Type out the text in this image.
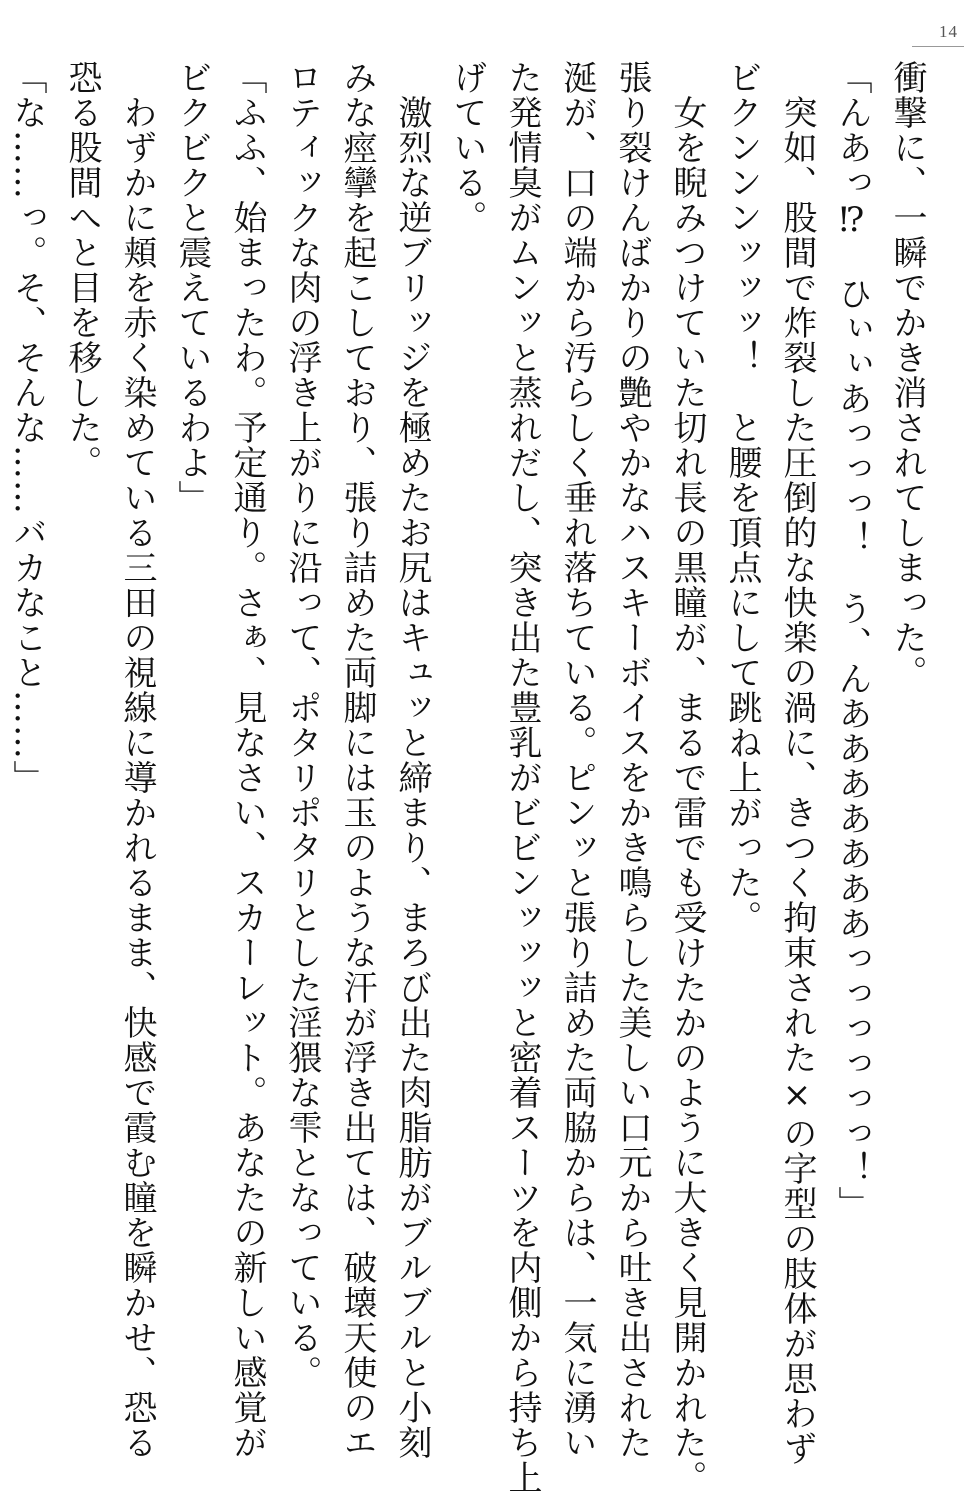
14

衝撃に、一瞬でかき消されてしまった。

「んあっ⁉　ひぃぃあっっっ！　う、んあああああああっっっっっっ！」

　突如、股間で炸裂した圧倒的な快楽の渦に、きつく拘束された×の字型の肢体が思わず

ビクンンンッッッ！　と腰を頂点にして跳ね上がった。

　女を睨みつけていた切れ長の黒瞳が、まるで雷でも受けたかのように大きく見開かれた。

張り裂けんばかりの艶やかなハスキーボイスをかき鳴らした美しい口元から吐き出された

涎が、口の端から汚らしく垂れ落ちている。ピンッと張り詰めた両脇からは、一気に湧い

た発情臭がムンッと蒸れだし、突き出た豊乳がビビンッッッと密着スーツを内側から持ち上

げている。

　激烈な逆ブリッジを極めたお尻はキュッと締まり、まろび出た肉脂肪がブルブルと小刻

みな痙攣を起こしており、張り詰めた両脚には玉のような汗が浮き出ては、破壊天使のエ

ロティックな肉の浮き上がりに沿って、ポタリポタリとした淫猥な雫となっている。

「ふふ、始まったわ。予定通り。さぁ、見なさい、スカーレット。あなたの新しい感覚が

ビクビクと震えているわよ」

　わずかに頬を赤く染めている三田の視線に導かれるまま、快感で霞む瞳を瞬かせ、恐る

恐る股間へと目を移した。

「な……っ。そ、そんな……バカなこと……」
